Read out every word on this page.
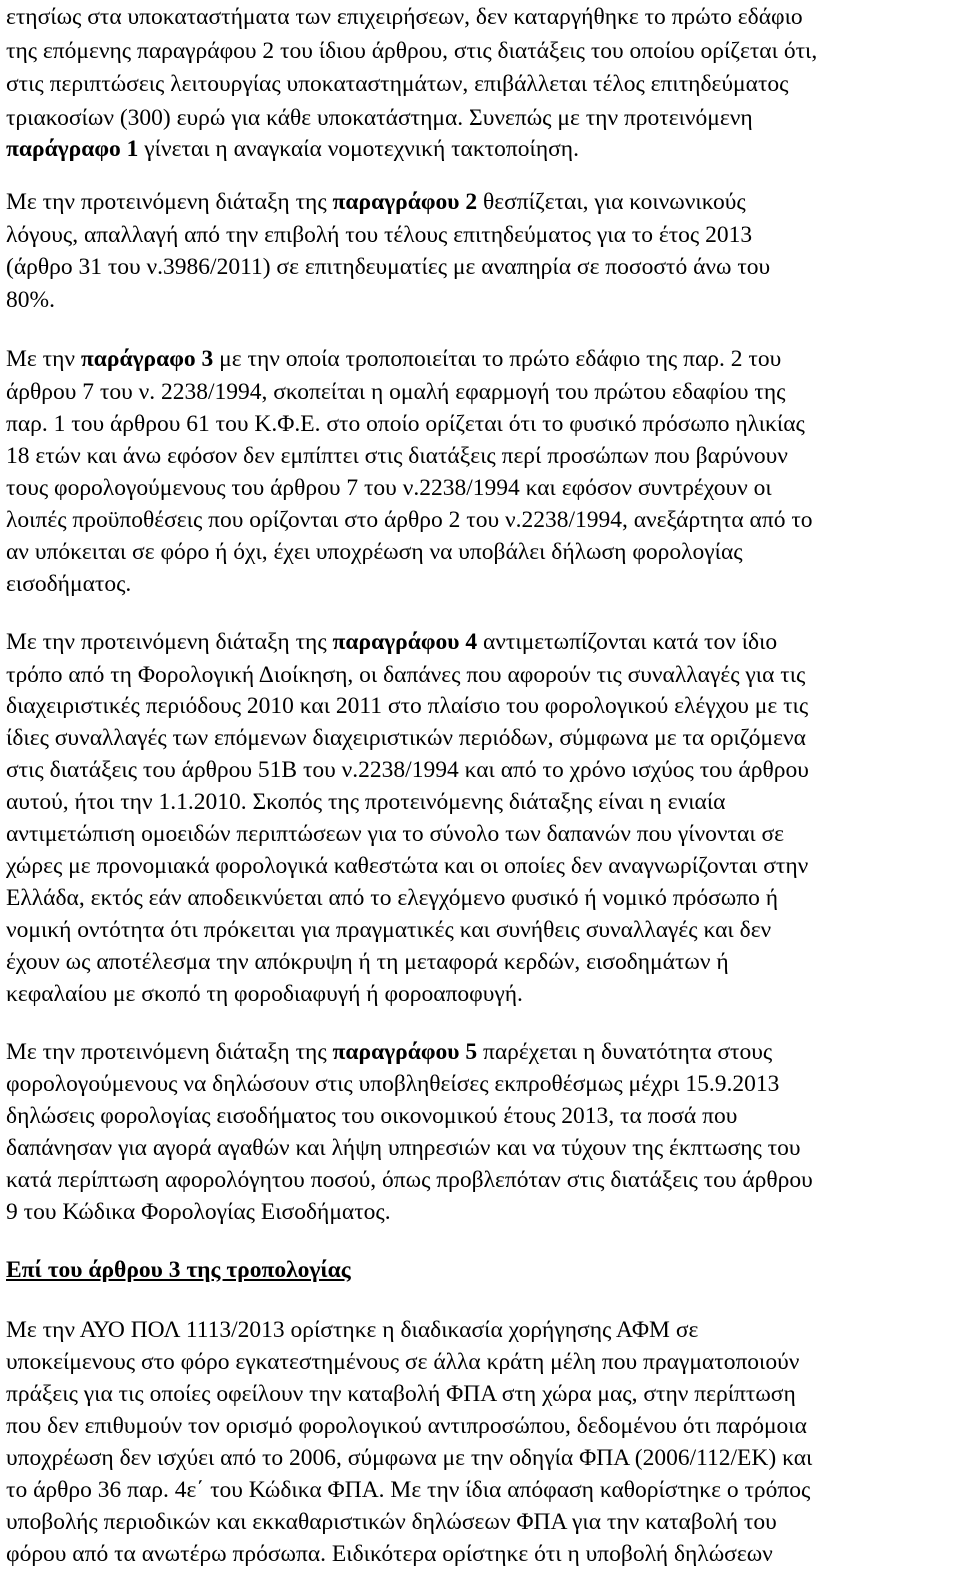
ετησίως στα υποκαταστήματα των επιχειρήσεων, δεν καταργήθηκε το πρώτο εδάφιο
της επόμενης παραγράφου 2 του ίδιου άρθρου, στις διατάξεις του οποίου ορίζεται ότι,
στις περιπτώσεις λειτουργίας υποκαταστημάτων, επιβάλλεται τέλος επιτηδεύματος
τριακοσίων (300) ευρώ για κάθε υποκατάστημα. Συνεπώς με την προτεινόμενη
παράγραφο 1 γίνεται η αναγκαία νομοτεχνική τακτοποίηση.
Με την προτεινόμενη διάταξη της παραγράφου 2 θεσπίζεται, για κοινωνικούς
λόγους, απαλλαγή από την επιβολή του τέλους επιτηδεύματος για το έτος 2013
(άρθρο 31 του ν.3986/2011) σε επιτηδευματίες με αναπηρία σε ποσοστό άνω του
80%.
Με την παράγραφο 3 με την οποία τροποποιείται το πρώτο εδάφιο της παρ. 2 του
άρθρου 7 του ν. 2238/1994, σκοπείται η ομαλή εφαρμογή του πρώτου εδαφίου της
παρ. 1 του άρθρου 61 του Κ.Φ.Ε. στο οποίο ορίζεται ότι το φυσικό πρόσωπο ηλικίας
18 ετών και άνω εφόσον δεν εμπίπτει στις διατάξεις περί προσώπων που βαρύνουν
τους φορολογούμενους του άρθρου 7 του ν.2238/1994 και εφόσον συντρέχουν οι
λοιπές προϋποθέσεις που ορίζονται στο άρθρο 2 του ν.2238/1994, ανεξάρτητα από το
αν υπόκειται σε φόρο ή όχι, έχει υποχρέωση να υποβάλει δήλωση φορολογίας
εισοδήματος.
Με την προτεινόμενη διάταξη της παραγράφου 4 αντιμετωπίζονται κατά τον ίδιο
τρόπο από τη Φορολογική Διοίκηση, οι δαπάνες που αφορούν τις συναλλαγές για τις
διαχειριστικές περιόδους 2010 και 2011 στο πλαίσιο του φορολογικού ελέγχου με τις
ίδιες συναλλαγές των επόμενων διαχειριστικών περιόδων, σύμφωνα με τα οριζόμενα
στις διατάξεις του άρθρου 51Β του ν.2238/1994 και από το χρόνο ισχύος του άρθρου
αυτού, ήτοι την 1.1.2010. Σκοπός της προτεινόμενης διάταξης είναι η ενιαία
αντιμετώπιση ομοειδών περιπτώσεων για το σύνολο των δαπανών που γίνονται σε
χώρες με προνομιακά φορολογικά καθεστώτα και οι οποίες δεν αναγνωρίζονται στην
Ελλάδα, εκτός εάν αποδεικνύεται από το ελεγχόμενο φυσικό ή νομικό πρόσωπο ή
νομική οντότητα ότι πρόκειται για πραγματικές και συνήθεις συναλλαγές και δεν
έχουν ως αποτέλεσμα την απόκρυψη ή τη μεταφορά κερδών, εισοδημάτων ή
κεφαλαίου με σκοπό τη φοροδιαφυγή ή φοροαποφυγή.
Με την προτεινόμενη διάταξη της παραγράφου 5 παρέχεται η δυνατότητα στους
φορολογούμενους να δηλώσουν στις υποβληθείσες εκπροθέσμως μέχρι 15.9.2013
δηλώσεις φορολογίας εισοδήματος του οικονομικού έτους 2013, τα ποσά που
δαπάνησαν για αγορά αγαθών και λήψη υπηρεσιών και να τύχουν της έκπτωσης του
κατά περίπτωση αφορολόγητου ποσού, όπως προβλεπόταν στις διατάξεις του άρθρου
9 του Κώδικα Φορολογίας Εισοδήματος.
Επί του άρθρου 3 της τροπολογίας
Με την ΑΥΟ ΠΟΛ 1113/2013 ορίστηκε η διαδικασία χορήγησης ΑΦΜ σε
υποκείμενους στο φόρο εγκατεστημένους σε άλλα κράτη μέλη που πραγματοποιούν
πράξεις για τις οποίες οφείλουν την καταβολή ΦΠΑ στη χώρα μας, στην περίπτωση
που δεν επιθυμούν τον ορισμό φορολογικού αντιπροσώπου, δεδομένου ότι παρόμοια
υποχρέωση δεν ισχύει από το 2006, σύμφωνα με την οδηγία ΦΠΑ (2006/112/ΕΚ) και
το άρθρο 36 παρ. 4ε΄ του Κώδικα ΦΠΑ. Με την ίδια απόφαση καθορίστηκε ο τρόπος
υποβολής περιοδικών και εκκαθαριστικών δηλώσεων ΦΠΑ για την καταβολή του
φόρου από τα ανωτέρω πρόσωπα. Ειδικότερα ορίστηκε ότι η υποβολή δηλώσεων
